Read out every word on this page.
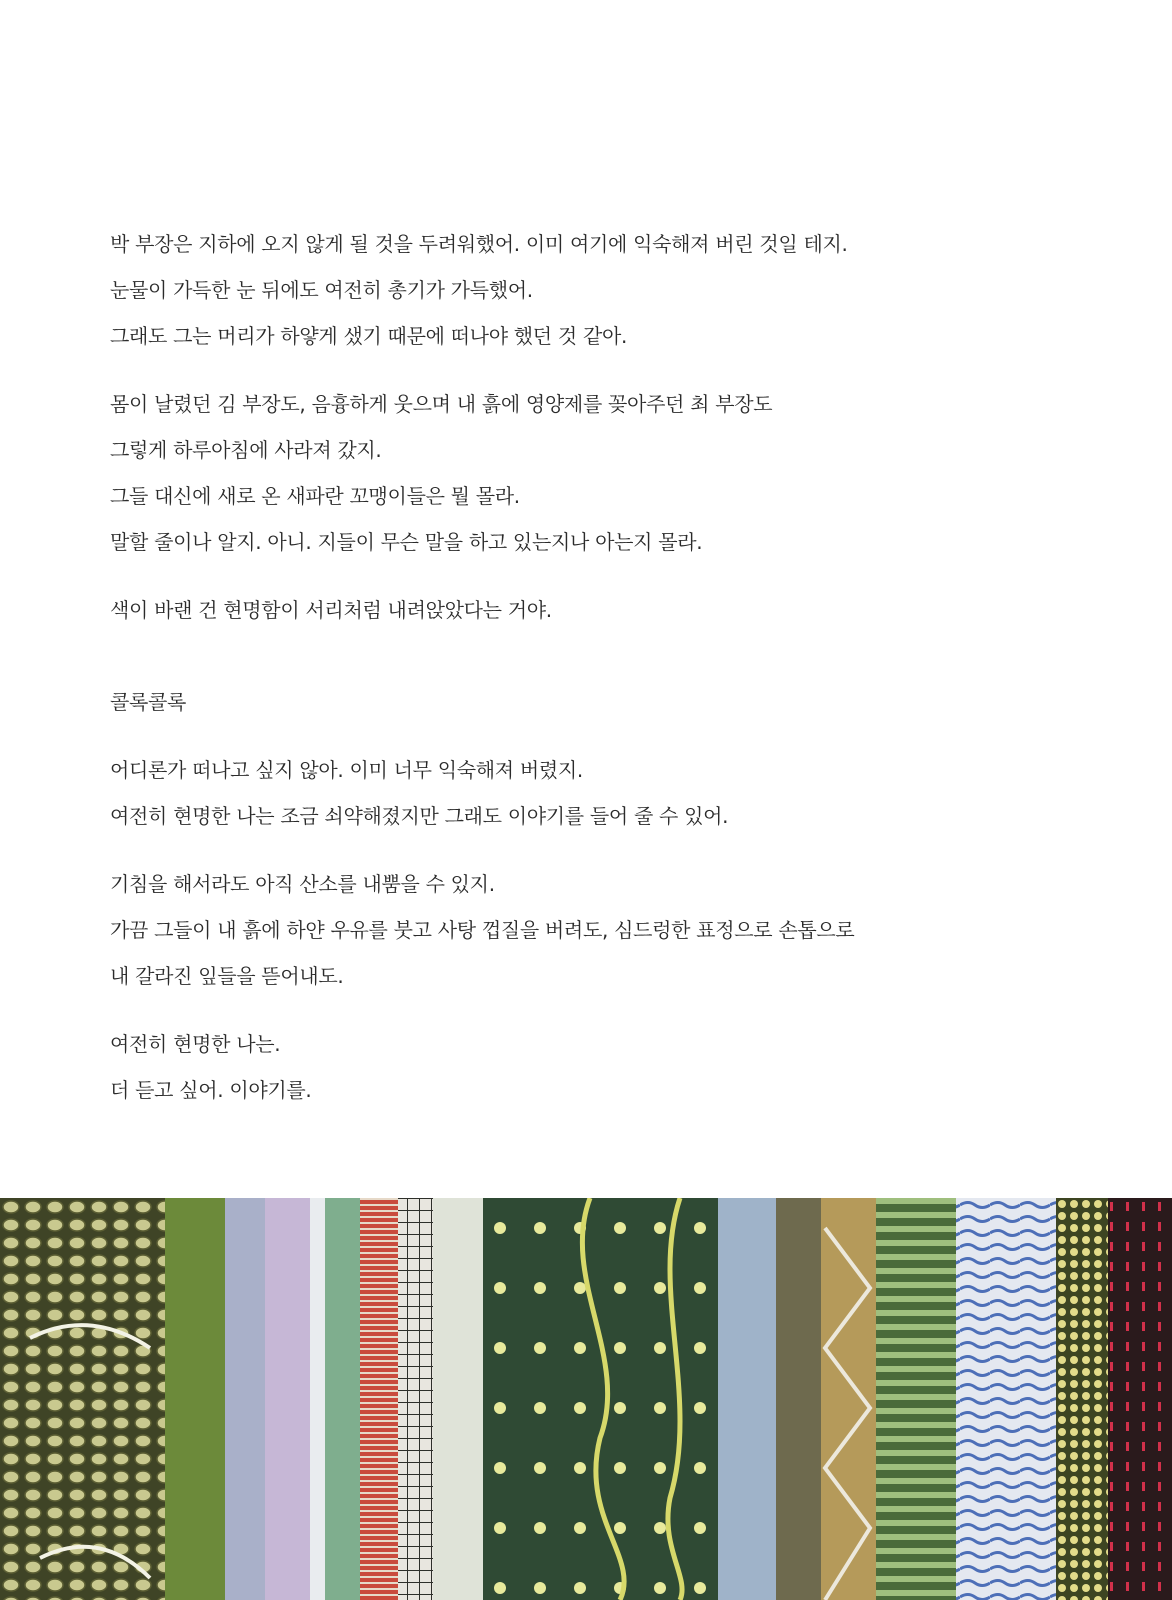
박 부장은 지하에 오지 않게 될 것을 두려워했어. 이미 여기에 익숙해져 버린 것일 테지.
눈물이 가득한 눈 뒤에도 여전히 총기가 가득했어.
그래도 그는 머리가 하얗게 샜기 때문에 떠나야 했던 것 같아.
몸이 날렸던 김 부장도, 음흉하게 웃으며 내 흙에 영양제를 꽂아주던 최 부장도
그렇게 하루아침에 사라져 갔지.
그들 대신에 새로 온 새파란 꼬맹이들은 뭘 몰라.
말할 줄이나 알지. 아니. 지들이 무슨 말을 하고 있는지나 아는지 몰라.
색이 바랜 건 현명함이 서리처럼 내려앉았다는 거야.
콜록콜록
어디론가 떠나고 싶지 않아. 이미 너무 익숙해져 버렸지.
여전히 현명한 나는 조금 쇠약해졌지만 그래도 이야기를 들어 줄 수 있어.
기침을 해서라도 아직 산소를 내뿜을 수 있지.
가끔 그들이 내 흙에 하얀 우유를 붓고 사탕 껍질을 버려도, 심드렁한 표정으로 손톱으로
내 갈라진 잎들을 뜯어내도.
여전히 현명한 나는.
더 듣고 싶어. 이야기를.
